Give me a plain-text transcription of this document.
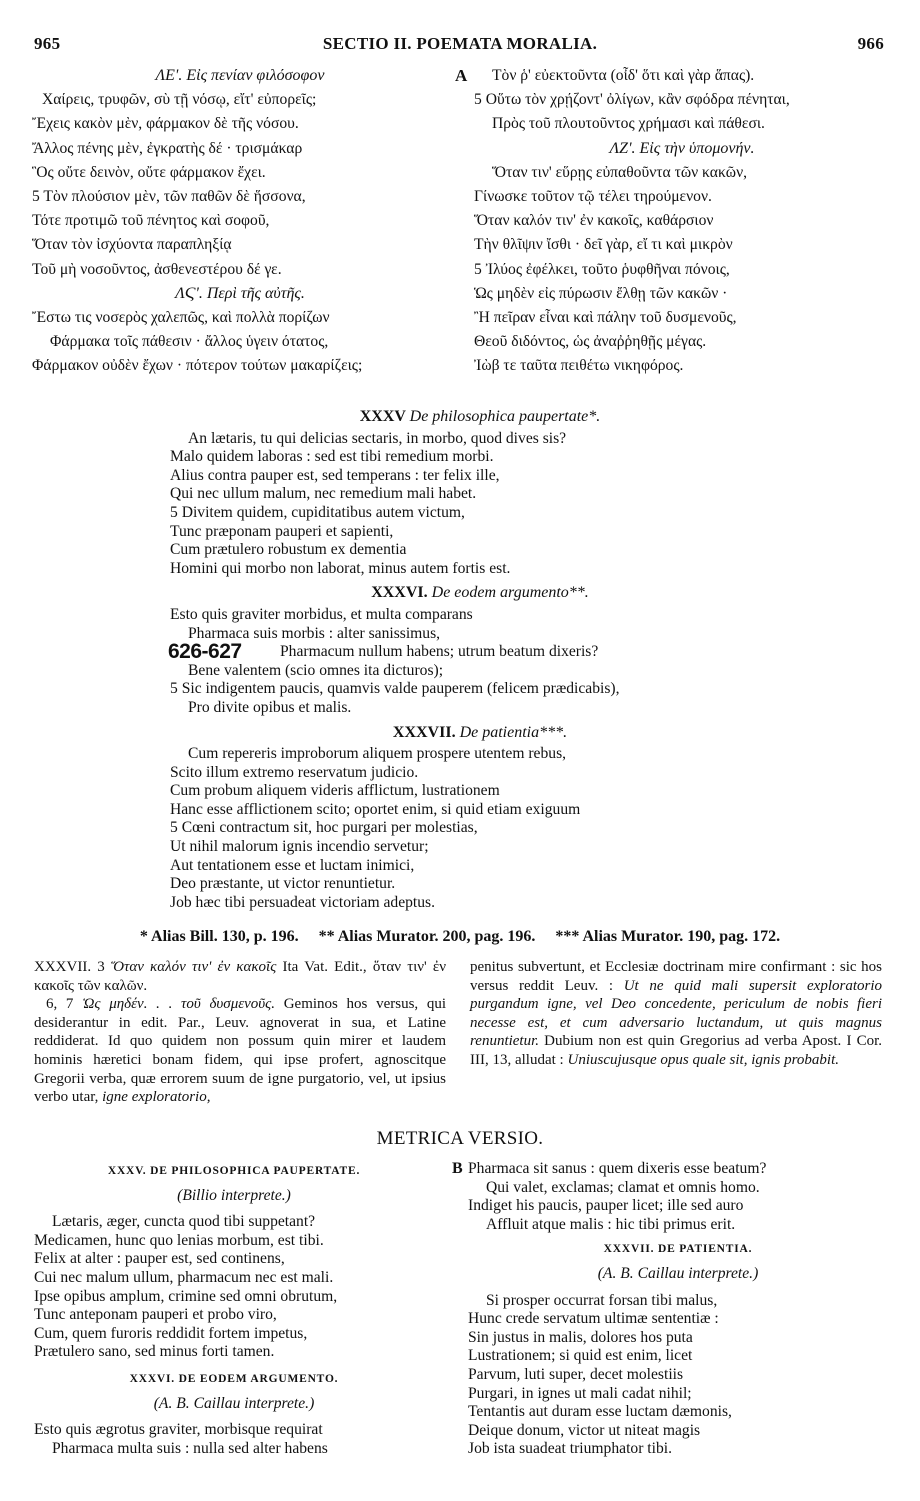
965	SECTIO II. POEMATA MORALIA.	966
ΛΕ'. Εἰς πενίαν φιλόσοφον
Χαίρεις, τρυφῶν, σὺ τῇ νόσῳ, εἴτ' εὐπορεῖς;
Ἔχεις κακὸν μὲν, φάρμακον δὲ τῆς νόσου.
Ἄλλος πένης μὲν, ἐγκρατὴς δέ · τρισμάκαρ
Ὃς οὔτε δεινὸν, οὔτε φάρμακον ἔχει.
5 Τὸν πλούσιον μὲν, τῶν παθῶν δὲ ἥσσονα,
Τότε προτιμῶ τοῦ πένητος καὶ σοφοῦ,
Ὅταν τὸν ἰσχύοντα παραπληξίᾳ
Τοῦ μὴ νοσοῦντος, ἀσθενεστέρου δέ γε.
ΛϚ'. Περὶ τῆς αὐτῆς.
Ἔστω τις νοσερὸς χαλεπῶς, καὶ πολλὰ πορίζων
Φάρμακα τοῖς πάθεσιν · ἄλλος ὑγειν ότατος,
Φάρμακον οὐδὲν ἔχων · πότερον τούτων μακαρίζεις;
A	Τὸν ῥ' εὐεκτοῦντα (οἶδ' ὅτι καὶ γὰρ ἅπας).
5 Οὕτω τὸν χρῄζοντ' ὀλίγων, κἂν σφόδρα πένηται,
Πρὸς τοῦ πλουτοῦντος χρήμασι καὶ πάθεσι.
ΛΖ'. Εἰς τὴν ὑπομονήν.
Ὅταν τιν' εὕρῃς εὐπαθοῦντα τῶν κακῶν,
Γίνωσκε τοῦτον τῷ τέλει τηρούμενον.
Ὅταν καλόν τιν' ἐν κακοῖς, καθάρσιον
Τὴν θλῖψιν ἴσθι · δεῖ γὰρ, εἴ τι καὶ μικρὸν
5 Ἰλύος ἐφέλκει, τοῦτο ῥυφθῆναι πόνοις,
Ὡς μηδὲν εἰς πύρωσιν ἔλθῃ τῶν κακῶν ·
Ἢ πεῖραν εἶναι καὶ πάλην τοῦ δυσμενοῦς,
Θεοῦ διδόντος, ὡς ἀναῤῥηθῇς μέγας.
Ἰὼβ τε ταῦτα πειθέτω νικηφόρος.
XXXV De philosophica paupertate*.
An lætaris, tu qui delicias sectaris, in morbo, quod dives sis?
Malo quidem laboras : sed est tibi remedium morbi.
Alius contra pauper est, sed temperans : ter felix ille,
Qui nec ullum malum, nec remedium mali habet.
5 Divitem quidem, cupiditatibus autem victum,
Tunc præponam pauperi et sapienti,
Cum prætulero robustum ex dementia
Homini qui morbo non laborat, minus autem fortis est.
XXXVI. De eodem argumento**.
Esto quis graviter morbidus, et multa comparans
Pharmaca suis morbis : alter sanissimus,
Pharmacum nullum habens; utrum beatum dixeris?
Bene valentem (scio omnes ita dicturos);
5 Sic indigentem paucis, quamvis valde pauperem (felicem prædicabis),
Pro divite opibus et malis.
XXXVII. De patientia***.
Cum repereris improborum aliquem prospere utentem rebus,
Scito illum extremo reservatum judicio.
Cum probum aliquem videris afflictum, lustrationem
Hanc esse afflictionem scito; oportet enim, si quid etiam exiguum
5 Cœni contractum sit, hoc purgari per molestias,
Ut nihil malorum ignis incendio servetur;
Aut tentationem esse et luctam inimici,
Deo præstante, ut victor renuntietur.
Job hæc tibi persuadeat victoriam adeptus.
626-627
* Alias Bill. 130, p. 196. ** Alias Murator. 200, pag. 196. *** Alias Murator. 190, pag. 172.
XXXVII. 3 Ὅταν καλόν τιν' ἐν κακοῖς Ita Vat. Edit., ὅταν τιν' ἐν κακοῖς τῶν καλῶν.
6, 7 Ὡς μηδέν. . . τοῦ δυσμενοῦς. Geminos hos versus, qui desiderantur in edit. Par., Leuv. agnoverat in sua, et Latine reddiderat. Id quo quidem non possum quin mirer et laudem hominis hæretici bonam fidem, qui ipse profert, agnoscitque Gregorii verba, quæ errorem suum de igne purgatorio, vel, ut ipsius verbo utar, igne exploratorio,
penitus subvertunt, et Ecclesiæ doctrinam mire confirmant : sic hos versus reddit Leuv. : Ut ne quid mali supersit exploratorio purgandum igne, vel Deo concedente, periculum de nobis fieri necesse est, et cum adversario luctandum, ut quis magnus renuntietur. Dubium non est quin Gregorius ad verba Apost. I Cor. III, 13, alludat : Uniuscujusque opus quale sit, ignis probabit.
METRICA VERSIO.
XXXV. DE PHILOSOPHICA PAUPERTATE.
(Billio interprete.)
Lætaris, æger, cuncta quod tibi suppetant?
Medicamen, hunc quo lenias morbum, est tibi.
Felix at alter : pauper est, sed continens,
Cui nec malum ullum, pharmacum nec est mali.
Ipse opibus amplum, crimine sed omni obrutum,
Tunc anteponam pauperi et probo viro,
Cum, quem furoris reddidit fortem impetus,
Prætulero sano, sed minus forti tamen.
XXXVI. DE EODEM ARGUMENTO.
(A. B. Caillau interprete.)
Esto quis ægrotus graviter, morbisque requirat
Pharmaca multa suis : nulla sed alter habens
B Pharmaca sit sanus : quem dixeris esse beatum?
Qui valet, exclamas; clamat et omnis homo.
Indiget his paucis, pauper licet; ille sed auro
Affluit atque malis : hic tibi primus erit.
XXXVII. DE PATIENTIA.
(A. B. Caillau interprete.)
Si prosper occurrat forsan tibi malus,
Hunc crede servatum ultimæ sententiæ :
Sin justus in malis, dolores hos puta
Lustrationem; si quid est enim, licet
Parvum, luti super, decet molestiis
Purgari, in ignes ut mali cadat nihil;
Tentantis aut duram esse luctam dæmonis,
Deique donum, victor ut niteat magis
Job ista suadeat triumphator tibi.
